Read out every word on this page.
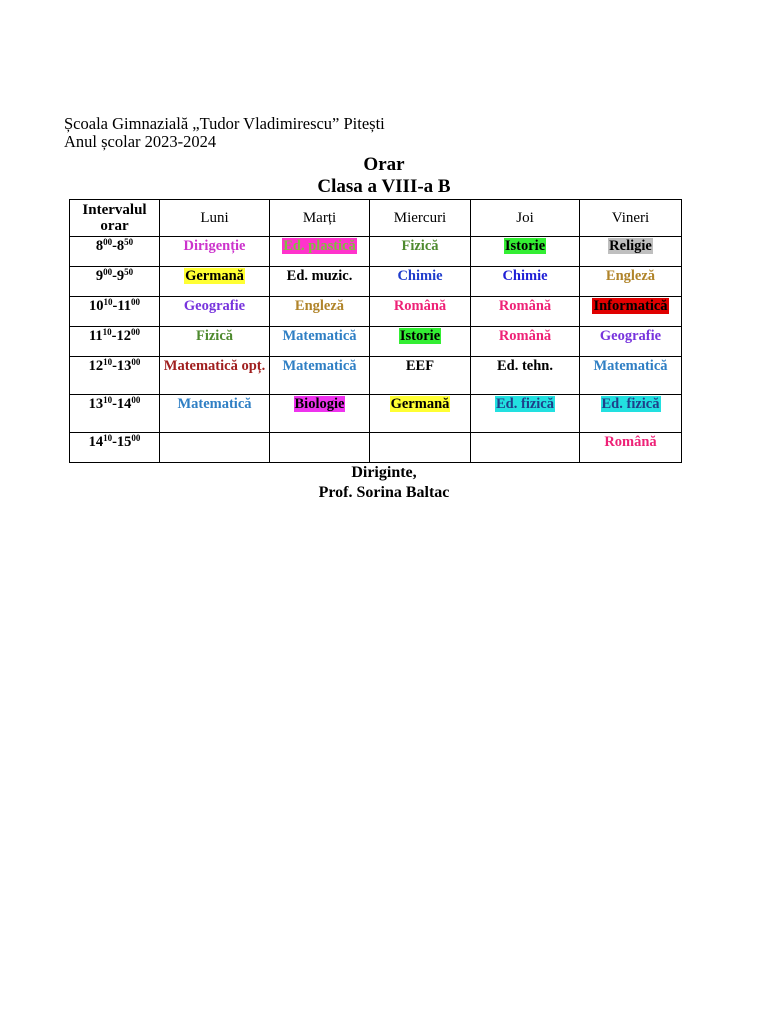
Școala Gimnazială „Tudor Vladimirescu” Pitești
Anul școlar 2023-2024
Orar
Clasa a VIII-a B
Intervalul orar	Luni	Marți	Miercuri	Joi	Vineri
$8^{00}-8^{50}$	Dirigenție	Ed. plastică	Fizică	Istorie	Religie
$9^{00}-9^{50}$	Germană	Ed. muzic.	Chimie	Chimie	Engleză
$10^{10}-11^{00}$	Geografie	Engleză	Română	Română	Informatică
$11^{10}-12^{00}$	Fizică	Matematică	Istorie	Română	Geografie
$12^{10}-13^{00}$	Matematică opț.	Matematică	EEF	Ed. tehn.	Matematică
$13^{10}-14^{00}$	Matematică	Biologie	Germană	Ed. fizică	Ed. fizică
$14^{10}-15^{00}$					Română
Diriginte,
Prof. Sorina Baltac
